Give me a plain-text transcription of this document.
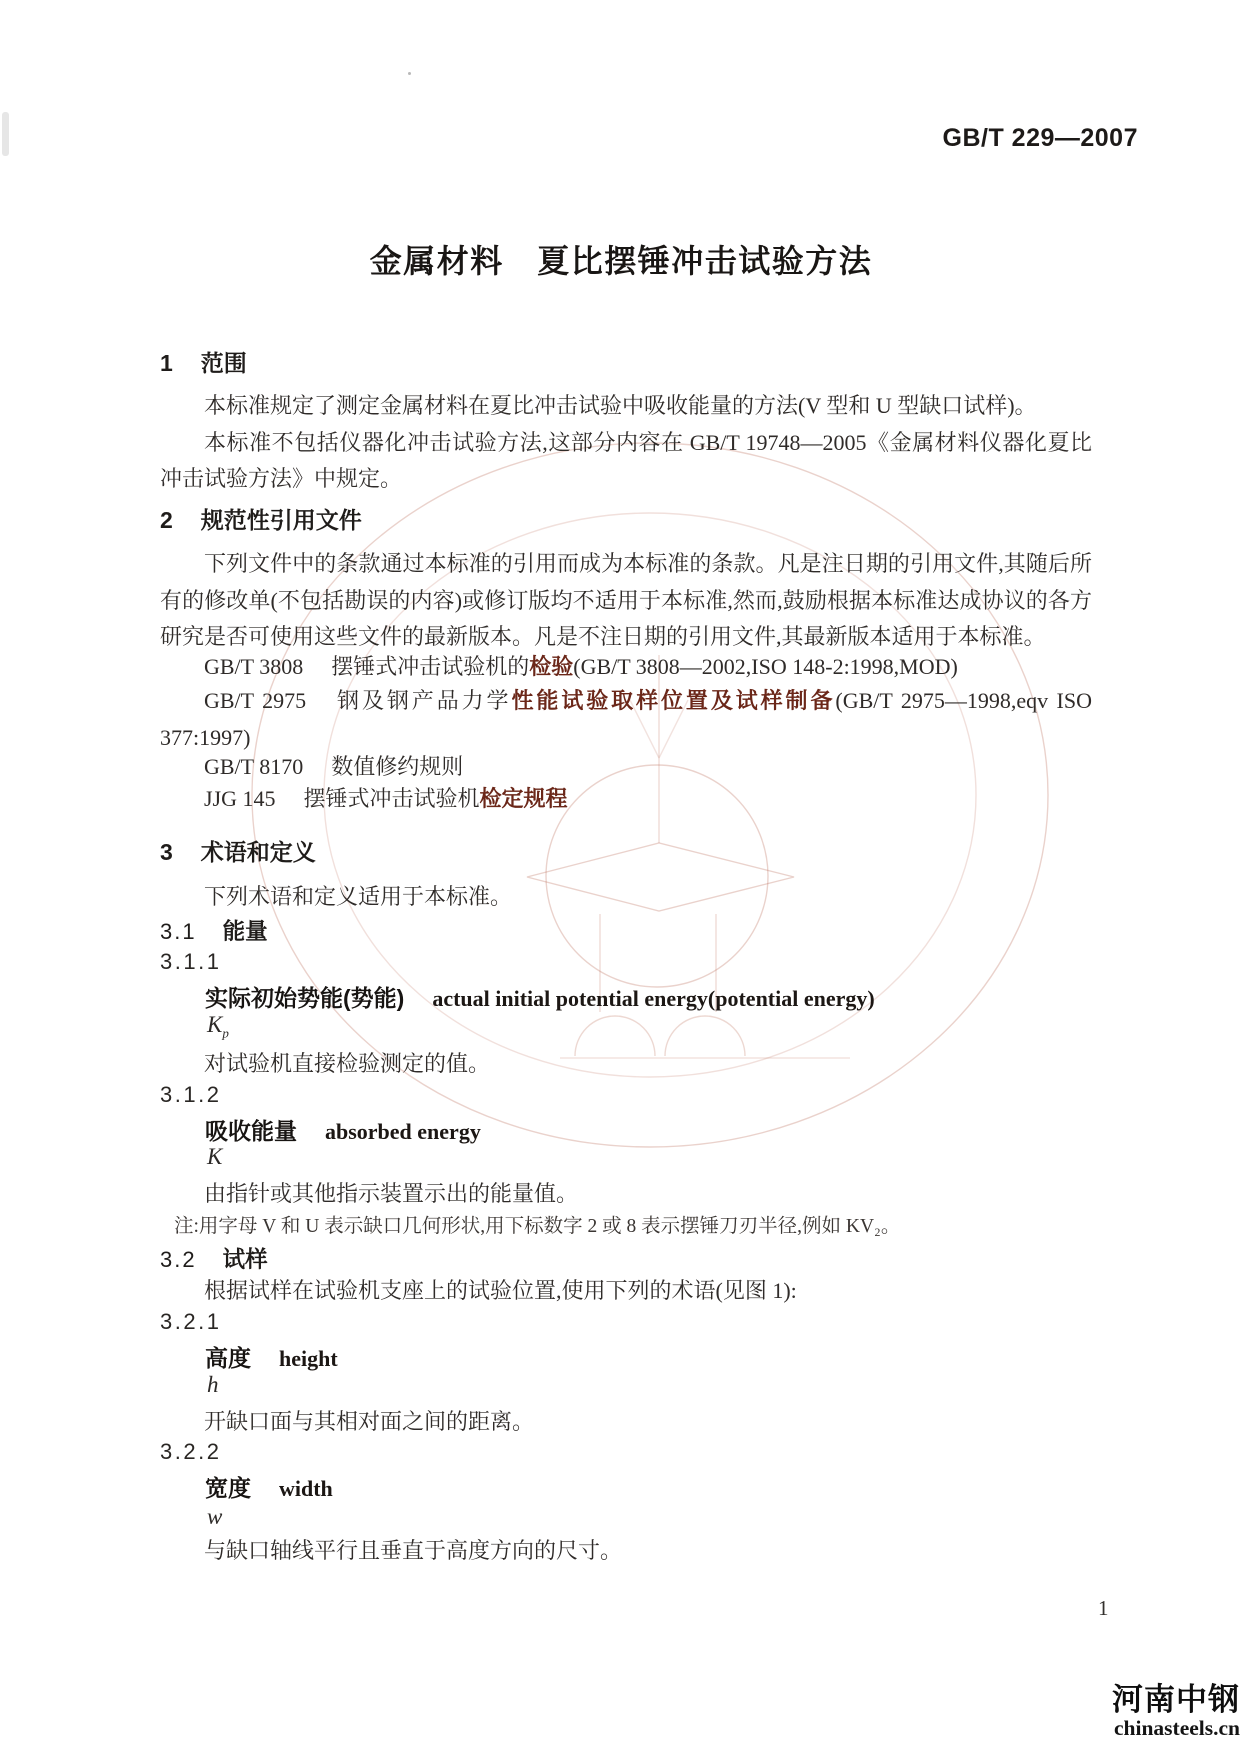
GB/T 229—2007
金属材料　夏比摆锤冲击试验方法
1 范围

本标准规定了测定金属材料在夏比冲击试验中吸收能量的方法(V 型和 U 型缺口试样)。

本标准不包括仪器化冲击试验方法,这部分内容在 GB/T 19748—2005《金属材料仪器化夏比冲击试验方法》中规定。

2 规范性引用文件
下列文件中的条款通过本标准的引用而成为本标准的条款。凡是注日期的引用文件,其随后所有的修改单(不包括勘误的内容)或修订版均不适用于本标准,然而,鼓励根据本标准达成协议的各方研究是否可使用这些文件的最新版本。凡是不注日期的引用文件,其最新版本适用于本标准。
GB/T 3808 摆锤式冲击试验机的检验(GB/T 3808—2002,ISO 148-2:1998,MOD)
GB/T 2975 钢及钢产品力学性能试验取样位置及试样制备(GB/T 2975—1998,eqv ISO 377:1997)
GB/T 8170 数值修约规则
JJG 145 摆锤式冲击试验机检定规程
3 术语和定义
下列术语和定义适用于本标准。
3.1 能量
3.1.1
实际初始势能(势能) actual initial potential energy(potential energy)
$K_p$
对试验机直接检验测定的值。
3.1.2
吸收能量 absorbed energy
K
由指针或其他指示装置示出的能量值。
注:用字母 V 和 U 表示缺口几何形状,用下标数字 2 或 8 表示摆锤刀刃半径,例如 KV₂。
3.2 试样
根据试样在试验机支座上的试验位置,使用下列的术语(见图 1):
3.2.1
高度 height
h
开缺口面与其相对面之间的距离。
3.2.2
宽度 width
w
与缺口轴线平行且垂直于高度方向的尺寸。
1
河南中钢
chinasteels.cn
